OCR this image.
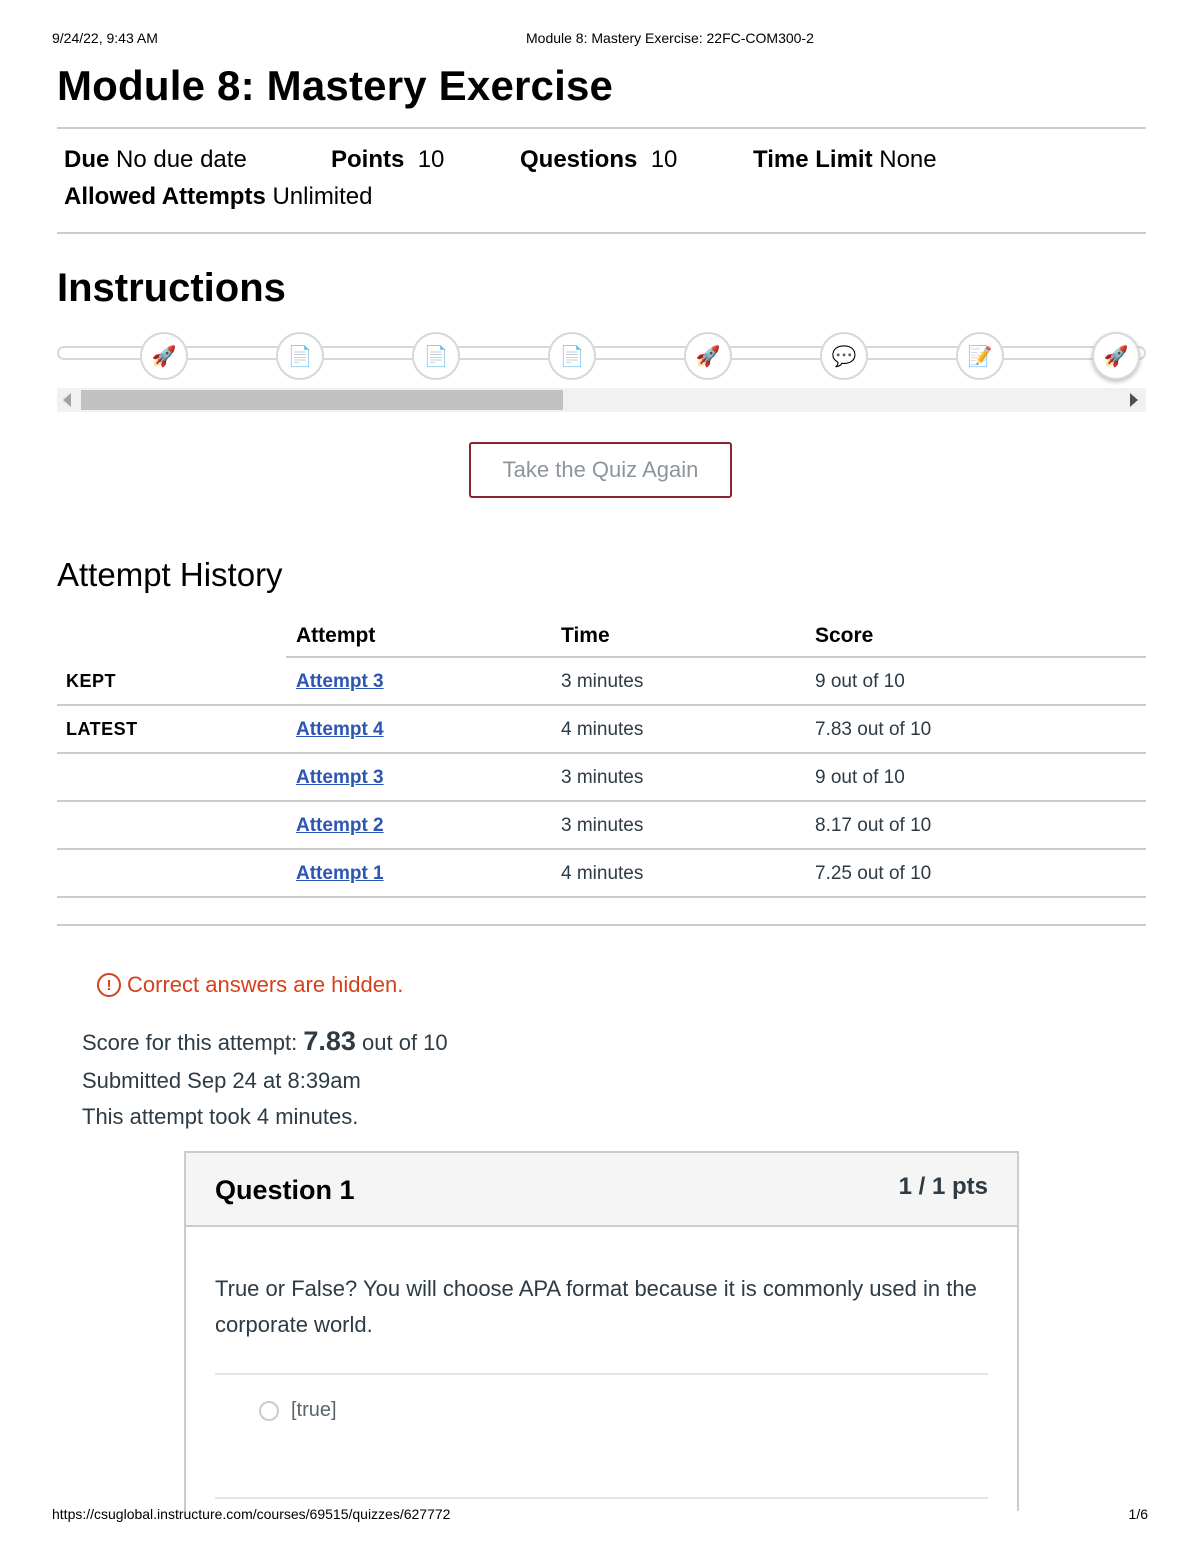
9/24/22, 9:43 AM	Module 8: Mastery Exercise: 22FC-COM300-2
Module 8: Mastery Exercise
Due No due date	Points 10	Questions 10	Time Limit None
Allowed Attempts Unlimited
Instructions
🚀	📄	📄	📄	🚀	💬	📝	🚀
Take the Quiz Again
Attempt History
Attempt	Time	Score
KEPT	Attempt 3	3 minutes	9 out of 10
LATEST	Attempt 4	4 minutes	7.83 out of 10
Attempt 3	3 minutes	9 out of 10
Attempt 2	3 minutes	8.17 out of 10
Attempt 1	4 minutes	7.25 out of 10
! Correct answers are hidden.
Score for this attempt: 7.83 out of 10
Submitted Sep 24 at 8:39am
This attempt took 4 minutes.
Question 1	1 / 1 pts
True or False? You will choose APA format because it is commonly used in the corporate world.
[true]
https://csuglobal.instructure.com/courses/69515/quizzes/627772	1/6
